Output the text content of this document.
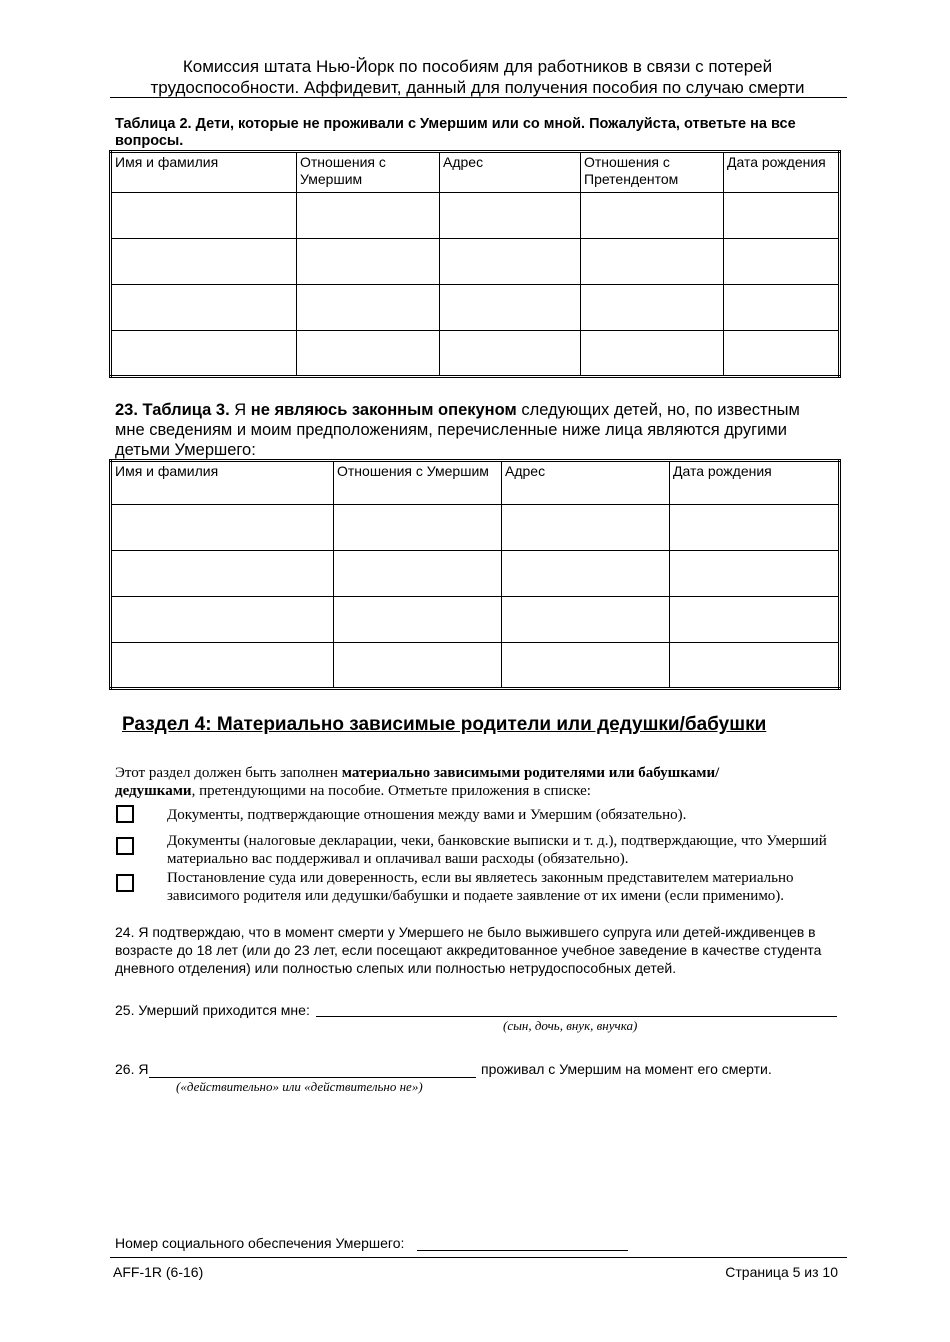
Комиссия штата Нью-Йорк по пособиям для работников в связи с потерей
трудоспособности. Аффидевит, данный для получения пособия по случаю смерти
Таблица 2. Дети, которые не проживали с Умершим или со мной. Пожалуйста, ответьте на все вопросы.
Имя и фамилия	Отношения с Умершим	Адрес	Отношения с Претендентом	Дата рождения

23. Таблица 3. Я не являюсь законным опекуном следующих детей, но, по известным мне сведениям и моим предположениям, перечисленные ниже лица являются другими детьми Умершего:
Имя и фамилия	Отношения с Умершим	Адрес	Дата рождения

Раздел 4: Материально зависимые родители или дедушки/бабушки
Этот раздел должен быть заполнен материально зависимыми родителями или бабушками/дедушками, претендующими на пособие. Отметьте приложения в списке:
Документы, подтверждающие отношения между вами и Умершим (обязательно).
Документы (налоговые декларации, чеки, банковские выписки и т. д.), подтверждающие, что Умерший материально вас поддерживал и оплачивал ваши расходы (обязательно).
Постановление суда или доверенность, если вы являетесь законным представителем материально зависимого родителя или дедушки/бабушки и подаете заявление от их имени (если применимо).
24. Я подтверждаю, что в момент смерти у Умершего не было выжившего супруга или детей-иждивенцев в возрасте до 18 лет (или до 23 лет, если посещают аккредитованное учебное заведение в качестве студента дневного отделения) или полностью слепых или полностью нетрудоспособных детей.
25. Умерший приходится мне:
(сын, дочь, внук, внучка)
26. Я	проживал с Умершим на момент его смерти.
(«действительно» или «действительно не»)
Номер социального обеспечения Умершего:
AFF-1R (6-16)	Страница 5 из 10
